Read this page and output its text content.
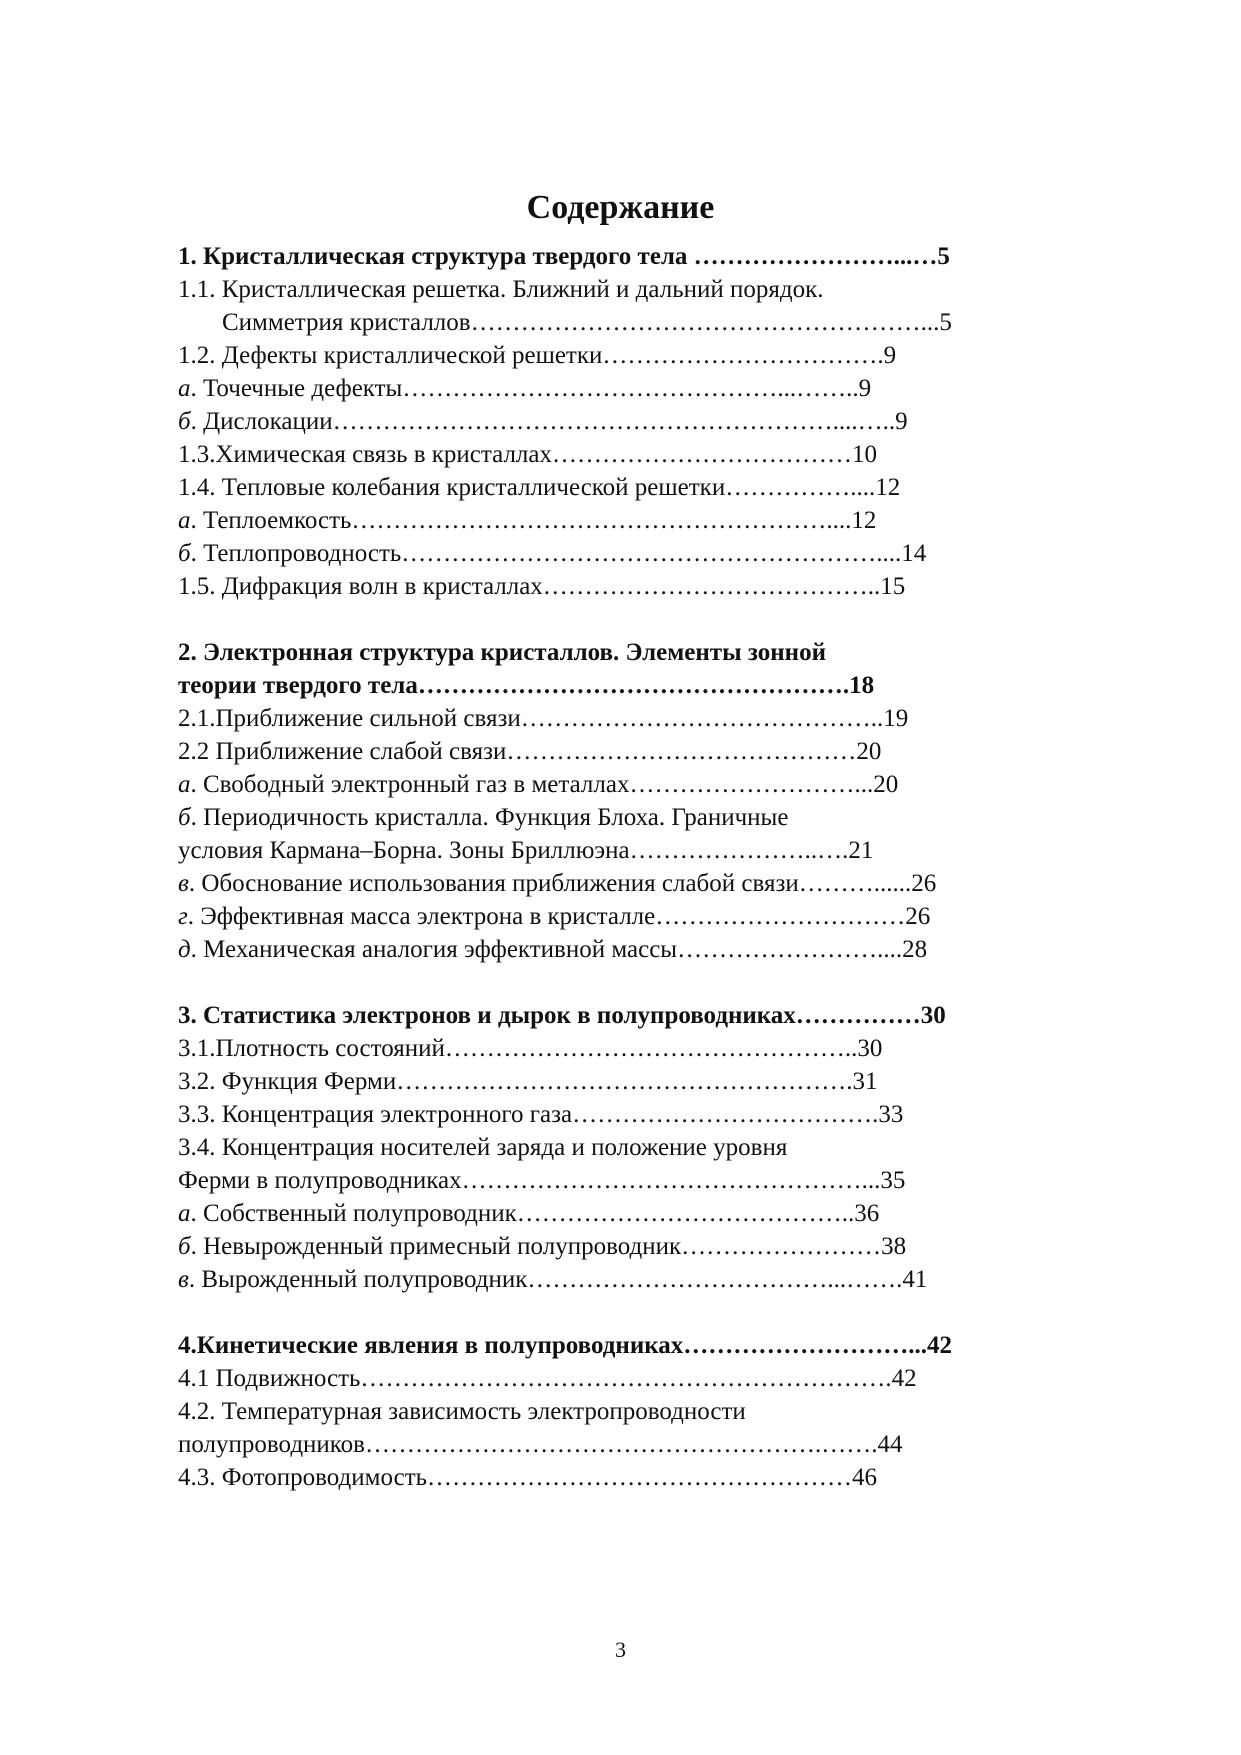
Содержание
1. Кристаллическая структура твердого тела ……………………...…5
1.1. Кристаллическая решетка. Ближний и дальний порядок.
Симметрия кристаллов………………………………………………...5
1.2. Дефекты кристаллической решетки…………………………….9
а. Точечные дефекты………………………………………...……..9
б. Дислокации……………………………………………………....…..9
1.3.Химическая связь в кристаллах………………………………10
1.4. Тепловые колебания кристаллической решетки……………....12
а. Теплоемкость…………………………………………………....12
б. Теплопроводность…………………………………………………....14
1.5. Дифракция волн в кристаллах…………………………………..15
2. Электронная структура кристаллов. Элементы зонной
теории твердого тела…………………………………………….18
2.1.Приближение сильной связи……………………………………..19
2.2 Приближение слабой связи……………………………………20
а. Свободный электронный газ в металлах………………………...20
б. Периодичность кристалла. Функция Блоха. Граничные
условия Кармана–Борна. Зоны Бриллюэна…………………..….21
в. Обоснование использования приближения слабой связи………......26
г. Эффективная масса электрона в кристалле…………………………26
д. Механическая аналогия эффективной массы……………………....28
3. Статистика электронов и дырок в полупроводниках……………30
3.1.Плотность состояний…………………………………………..30
3.2. Функция Ферми……………………………………………….31
3.3. Концентрация электронного газа……………………………….33
3.4. Концентрация носителей заряда и положение уровня
Ферми в полупроводниках…………………………………………...35
а. Собственный полупроводник…………………………………..36
б. Невырожденный примесный полупроводник……………………38
в. Вырожденный полупроводник………………………………...…….41
4.Кинетические явления в полупроводниках………………………...42
4.1 Подвижность……………………………………………………….42
4.2. Температурная зависимость электропроводности
полупроводников……………………………………………….…….44
4.3. Фотопроводимость……………………………………………46
3
